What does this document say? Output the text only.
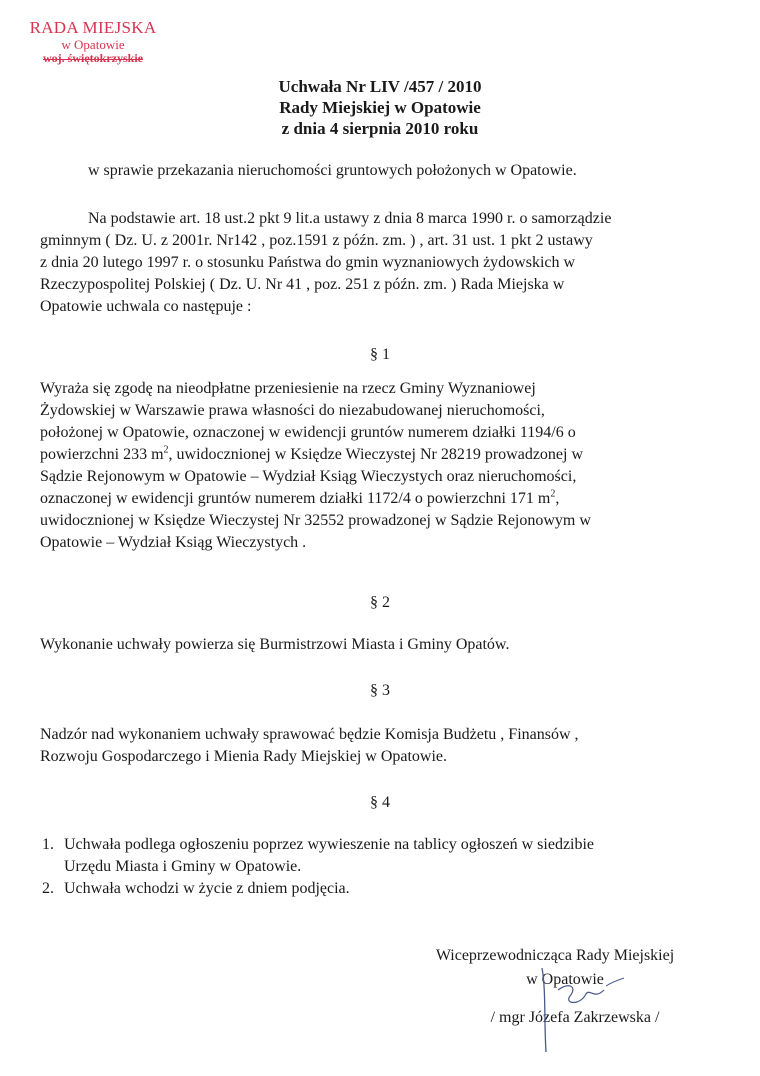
RADA MIEJSKA
w Opatowie
woj. świętokrzyskie
Uchwała Nr LIV /457 / 2010
Rady Miejskiej w Opatowie
z dnia 4 sierpnia 2010 roku
w sprawie przekazania nieruchomości gruntowych położonych w Opatowie.
Na podstawie art. 18 ust.2 pkt 9 lit.a ustawy z dnia 8 marca 1990 r. o samorządzie
gminnym ( Dz. U. z 2001r. Nr142 , poz.1591 z późn. zm. ) , art. 31 ust. 1 pkt 2 ustawy
z dnia 20 lutego 1997 r. o stosunku Państwa do gmin wyznaniowych żydowskich w
Rzeczypospolitej Polskiej ( Dz. U. Nr 41 , poz. 251 z późn. zm. ) Rada Miejska w
Opatowie uchwala co następuje :
§ 1
Wyraża się zgodę na nieodpłatne przeniesienie na rzecz Gminy Wyznaniowej
Żydowskiej w Warszawie prawa własności do niezabudowanej nieruchomości,
położonej w Opatowie, oznaczonej w ewidencji gruntów numerem działki 1194/6 o
powierzchni 233 $m^2$, uwidocznionej w Księdze Wieczystej Nr 28219 prowadzonej w
Sądzie Rejonowym w Opatowie – Wydział Ksiąg Wieczystych oraz nieruchomości,
oznaczonej w ewidencji gruntów numerem działki 1172/4 o powierzchni 171 $m^2$,
uwidocznionej w Księdze Wieczystej Nr 32552 prowadzonej w Sądzie Rejonowym w
Opatowie – Wydział Ksiąg Wieczystych .
§ 2
Wykonanie uchwały powierza się Burmistrzowi Miasta i Gminy Opatów.
§ 3
Nadzór nad wykonaniem uchwały sprawować będzie Komisja Budżetu , Finansów ,
Rozwoju Gospodarczego i Mienia Rady Miejskiej w Opatowie.
§ 4
1. Uchwała podlega ogłoszeniu poprzez wywieszenie na tablicy ogłoszeń w siedzibie
Urzędu Miasta i Gminy w Opatowie.
2. Uchwała wchodzi w życie z dniem podjęcia.
Wiceprzewodnicząca Rady Miejskiej
w Opatowie
/ mgr Józefa Zakrzewska /
